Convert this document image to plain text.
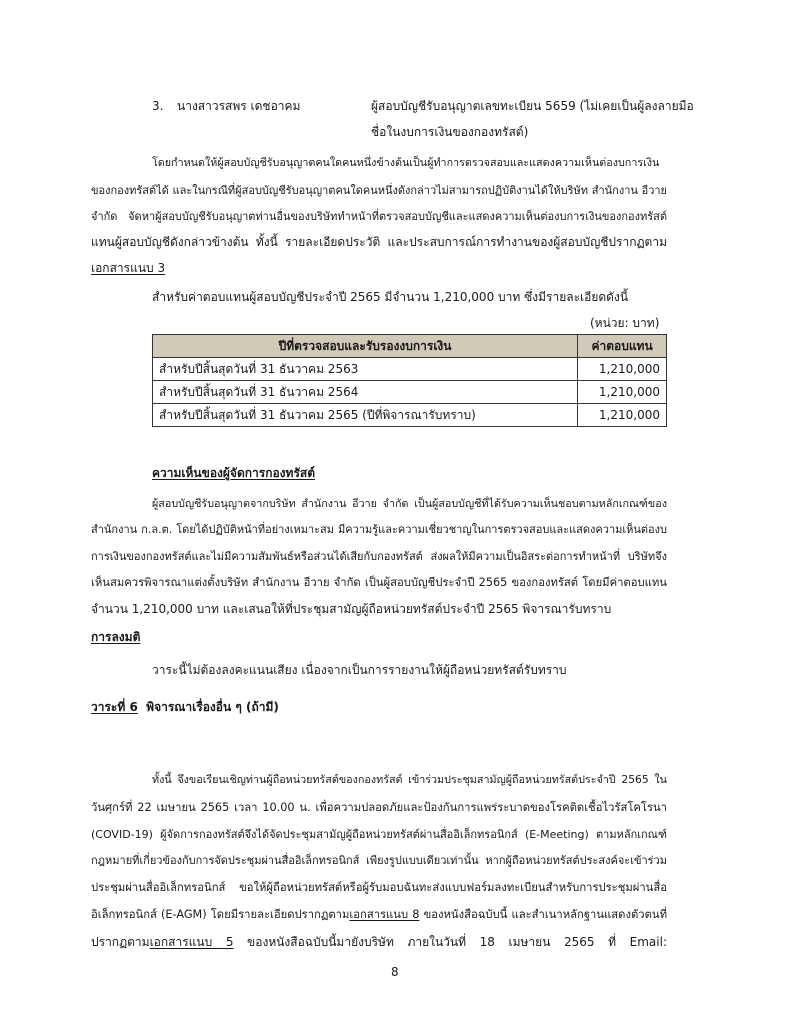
3. นางสาวรสพร เดชอาคม	ผู้สอบบัญชีรับอนุญาตเลขทะเบียน 5659 (ไม่เคยเป็นผู้ลงลายมือ
ชื่อในงบการเงินของกองทรัสต์)
โดยกำหนดให้ผู้สอบบัญชีรับอนุญาตคนใดคนหนึ่งข้างต้นเป็นผู้ทำการตรวจสอบและแสดงความเห็นต่องบการเงิน
ของกองทรัสต์ได้ และในกรณีที่ผู้สอบบัญชีรับอนุญาตคนใดคนหนึ่งดังกล่าวไม่สามารถปฏิบัติงานได้ให้บริษัท สำนักงาน อีวาย
จำกัด จัดหาผู้สอบบัญชีรับอนุญาตท่านอื่นของบริษัททำหน้าที่ตรวจสอบบัญชีและแสดงความเห็นต่องบการเงินของกองทรัสต์
แทนผู้สอบบัญชีดังกล่าวข้างต้น ทั้งนี้ รายละเอียดประวัติ และประสบการณ์การทำงานของผู้สอบบัญชีปรากฏตาม
เอกสารแนบ 3
สำหรับค่าตอบแทนผู้สอบบัญชีประจำปี 2565 มีจำนวน 1,210,000 บาท ซึ่งมีรายละเอียดดังนี้
(หน่วย: บาท)
ปีที่ตรวจสอบและรับรองงบการเงิน	ค่าตอบแทน
สำหรับปีสิ้นสุดวันที่ 31 ธันวาคม 2563	1,210,000
สำหรับปีสิ้นสุดวันที่ 31 ธันวาคม 2564	1,210,000
สำหรับปีสิ้นสุดวันที่ 31 ธันวาคม 2565 (ปีที่พิจารณารับทราบ)	1,210,000
ความเห็นของผู้จัดการกองทรัสต์
ผู้สอบบัญชีรับอนุญาตจากบริษัท สำนักงาน อีวาย จำกัด เป็นผู้สอบบัญชีที่ได้รับความเห็นชอบตามหลักเกณฑ์ของ
สำนักงาน ก.ล.ต. โดยได้ปฏิบัติหน้าที่อย่างเหมาะสม มีความรู้และความเชี่ยวชาญในการตรวจสอบและแสดงความเห็นต่องบ
การเงินของกองทรัสต์และไม่มีความสัมพันธ์หรือส่วนได้เสียกับกองทรัสต์ ส่งผลให้มีความเป็นอิสระต่อการทำหน้าที่ บริษัทจึง
เห็นสมควรพิจารณาแต่งตั้งบริษัท สำนักงาน อีวาย จำกัด เป็นผู้สอบบัญชีประจำปี 2565 ของกองทรัสต์ โดยมีค่าตอบแทน
จำนวน 1,210,000 บาท และเสนอให้ที่ประชุมสามัญผู้ถือหน่วยทรัสต์ประจำปี 2565 พิจารณารับทราบ
การลงมติ
วาระนี้ไม่ต้องลงคะแนนเสียง เนื่องจากเป็นการรายงานให้ผู้ถือหน่วยทรัสต์รับทราบ
วาระที่ 6 พิจารณาเรื่องอื่น ๆ (ถ้ามี)
ทั้งนี้ จึงขอเรียนเชิญท่านผู้ถือหน่วยทรัสต์ของกองทรัสต์ เข้าร่วมประชุมสามัญผู้ถือหน่วยทรัสต์ประจำปี 2565 ใน
วันศุกร์ที่ 22 เมษายน 2565 เวลา 10.00 น. เพื่อความปลอดภัยและป้องกันการแพร่ระบาดของโรคติดเชื้อไวรัสโคโรนา
(COVID-19) ผู้จัดการกองทรัสต์จึงได้จัดประชุมสามัญผู้ถือหน่วยทรัสต์ผ่านสื่ออิเล็กทรอนิกส์ (E-Meeting) ตามหลักเกณฑ์
กฎหมายที่เกี่ยวข้องกับการจัดประชุมผ่านสื่ออิเล็กทรอนิกส์ เพียงรูปแบบเดียวเท่านั้น หากผู้ถือหน่วยทรัสต์ประสงค์จะเข้าร่วม
ประชุมผ่านสื่ออิเล็กทรอนิกส์ ขอให้ผู้ถือหน่วยทรัสต์หรือผู้รับมอบฉันทะส่งแบบฟอร์มลงทะเบียนสำหรับการประชุมผ่านสื่อ
อิเล็กทรอนิกส์ (E-AGM) โดยมีรายละเอียดปรากฏตามเอกสารแนบ 8 ของหนังสือฉบับนี้ และสำเนาหลักฐานแสดงตัวตนที่
ปรากฏตามเอกสารแนบ 5 ของหนังสือฉบับนี้มายังบริษัท ภายในวันที่ 18 เมษายน 2565 ที่ Email:
8
